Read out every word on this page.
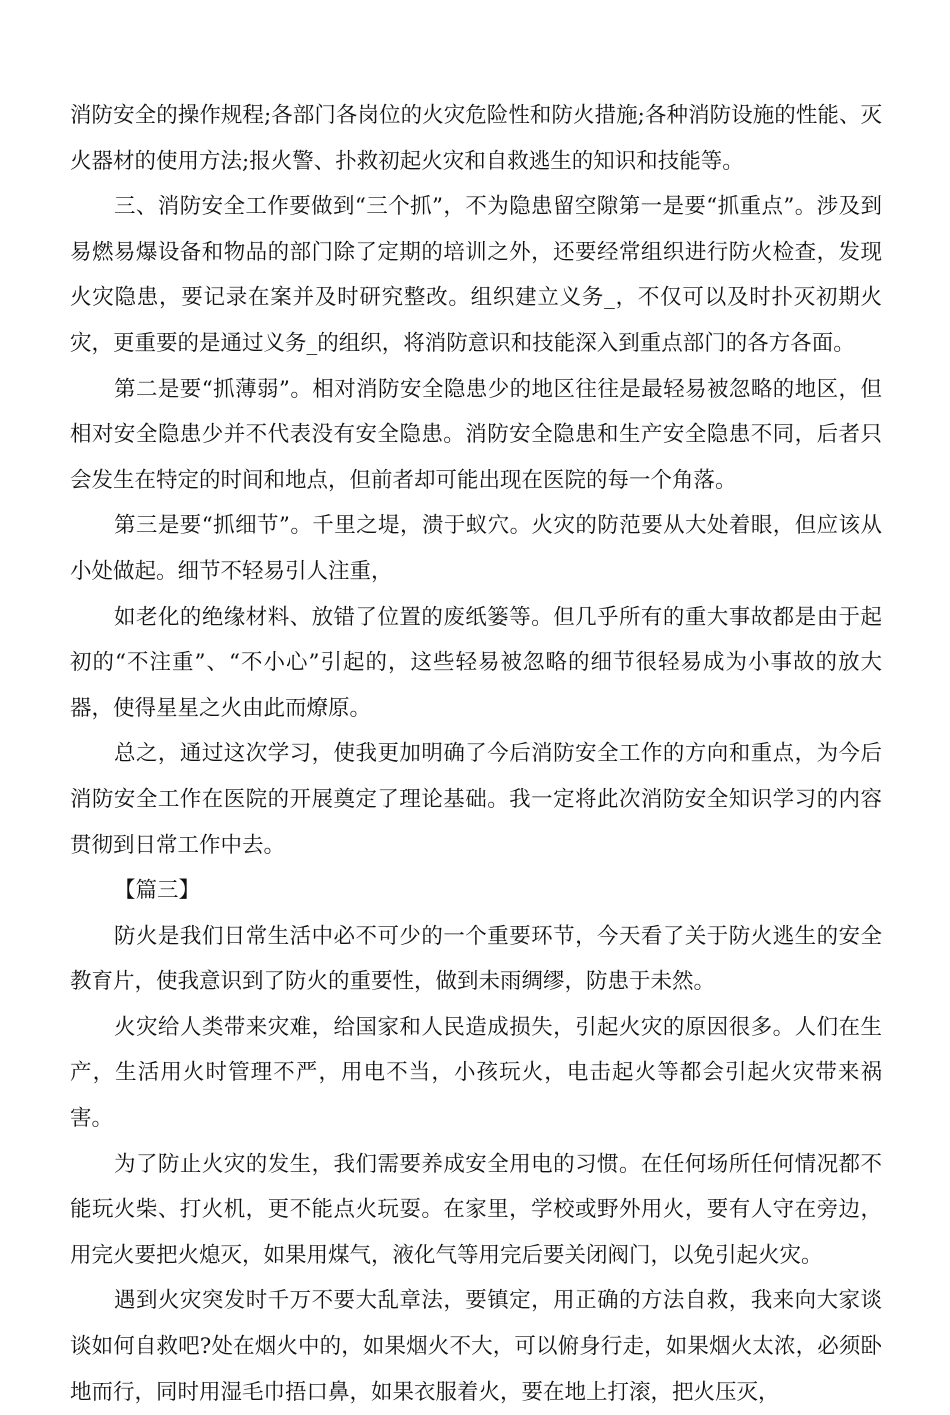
消防安全的操作规程;各部门各岗位的火灾危险性和防火措施;各种消防设施的性能、灭火器材的使用方法;报火警、扑救初起火灾和自救逃生的知识和技能等。

三、消防安全工作要做到“三个抓”，不为隐患留空隙第一是要“抓重点”。涉及到易燃易爆设备和物品的部门除了定期的培训之外，还要经常组织进行防火检查，发现火灾隐患，要记录在案并及时研究整改。组织建立义务_，不仅可以及时扑灭初期火灾，更重要的是通过义务_的组织，将消防意识和技能深入到重点部门的各方各面。

第二是要“抓薄弱”。相对消防安全隐患少的地区往往是最轻易被忽略的地区，但相对安全隐患少并不代表没有安全隐患。消防安全隐患和生产安全隐患不同，后者只会发生在特定的时间和地点，但前者却可能出现在医院的每一个角落。

第三是要“抓细节”。千里之堤，溃于蚁穴。火灾的防范要从大处着眼，但应该从小处做起。细节不轻易引人注重，

如老化的绝缘材料、放错了位置的废纸篓等。但几乎所有的重大事故都是由于起初的“不注重”、“不小心”引起的，这些轻易被忽略的细节很轻易成为小事故的放大器，使得星星之火由此而燎原。

总之，通过这次学习，使我更加明确了今后消防安全工作的方向和重点，为今后消防安全工作在医院的开展奠定了理论基础。我一定将此次消防安全知识学习的内容贯彻到日常工作中去。

【篇三】

防火是我们日常生活中必不可少的一个重要环节，今天看了关于防火逃生的安全教育片，使我意识到了防火的重要性，做到未雨绸缪，防患于未然。

火灾给人类带来灾难，给国家和人民造成损失，引起火灾的原因很多。人们在生产，生活用火时管理不严，用电不当，小孩玩火，电击起火等都会引起火灾带来祸害。

为了防止火灾的发生，我们需要养成安全用电的习惯。在任何场所任何情况都不能玩火柴、打火机，更不能点火玩耍。在家里，学校或野外用火，要有人守在旁边，用完火要把火熄灭，如果用煤气，液化气等用完后要关闭阀门，以免引起火灾。

遇到火灾突发时千万不要大乱章法，要镇定，用正确的方法自救，我来向大家谈谈如何自救吧?处在烟火中的，如果烟火不大，可以俯身行走，如果烟火太浓，必须卧地而行，同时用湿毛巾捂口鼻，如果衣服着火，要在地上打滚，把火压灭，
